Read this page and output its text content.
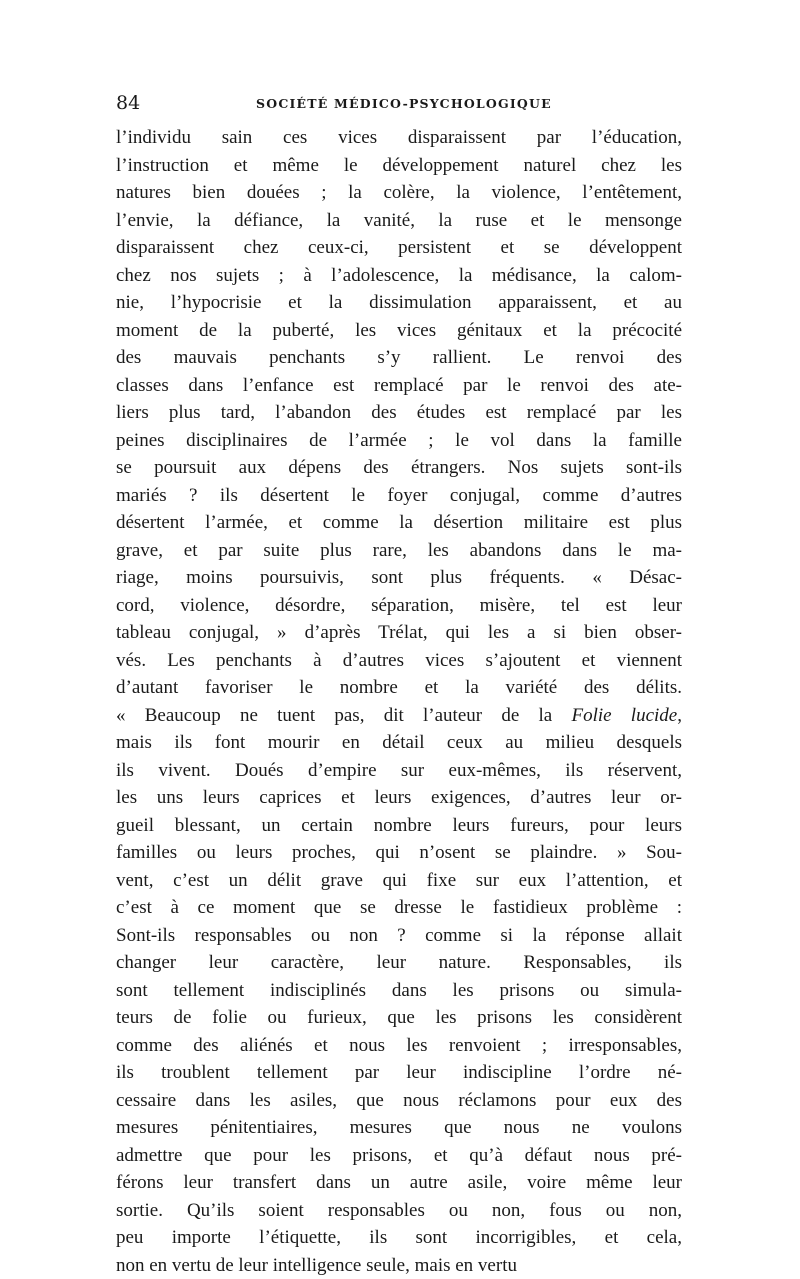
84	SOCIÉTÉ MÉDICO-PSYCHOLOGIQUE
l’individu sain ces vices disparaissent par l’éducation,
l’instruction et même le développement naturel chez les
natures bien douées ; la colère, la violence, l’entêtement,
l’envie, la défiance, la vanité, la ruse et le mensonge
disparaissent chez ceux-ci, persistent et se développent
chez nos sujets ; à l’adolescence, la médisance, la calom-
nie, l’hypocrisie et la dissimulation apparaissent, et au
moment de la puberté, les vices génitaux et la précocité
des mauvais penchants s’y rallient. Le renvoi des
classes dans l’enfance est remplacé par le renvoi des ate-
liers plus tard, l’abandon des études est remplacé par les
peines disciplinaires de l’armée ; le vol dans la famille
se poursuit aux dépens des étrangers. Nos sujets sont-ils
mariés ? ils désertent le foyer conjugal, comme d’autres
désertent l’armée, et comme la désertion militaire est plus
grave, et par suite plus rare, les abandons dans le ma-
riage, moins poursuivis, sont plus fréquents. « Désac-
cord, violence, désordre, séparation, misère, tel est leur
tableau conjugal, » d’après Trélat, qui les a si bien obser-
vés. Les penchants à d’autres vices s’ajoutent et viennent
d’autant favoriser le nombre et la variété des délits.
« Beaucoup ne tuent pas, dit l’auteur de la Folie lucide,
mais ils font mourir en détail ceux au milieu desquels
ils vivent. Doués d’empire sur eux-mêmes, ils réservent,
les uns leurs caprices et leurs exigences, d’autres leur or-
gueil blessant, un certain nombre leurs fureurs, pour leurs
familles ou leurs proches, qui n’osent se plaindre. » Sou-
vent, c’est un délit grave qui fixe sur eux l’attention, et
c’est à ce moment que se dresse le fastidieux problème :
Sont-ils responsables ou non ? comme si la réponse allait
changer leur caractère, leur nature. Responsables, ils
sont tellement indisciplinés dans les prisons ou simula-
teurs de folie ou furieux, que les prisons les considèrent
comme des aliénés et nous les renvoient ; irresponsables,
ils troublent tellement par leur indiscipline l’ordre né-
cessaire dans les asiles, que nous réclamons pour eux des
mesures pénitentiaires, mesures que nous ne voulons
admettre que pour les prisons, et qu’à défaut nous pré-
férons leur transfert dans un autre asile, voire même leur
sortie. Qu’ils soient responsables ou non, fous ou non,
peu importe l’étiquette, ils sont incorrigibles, et cela,
non en vertu de leur intelligence seule, mais en vertu
